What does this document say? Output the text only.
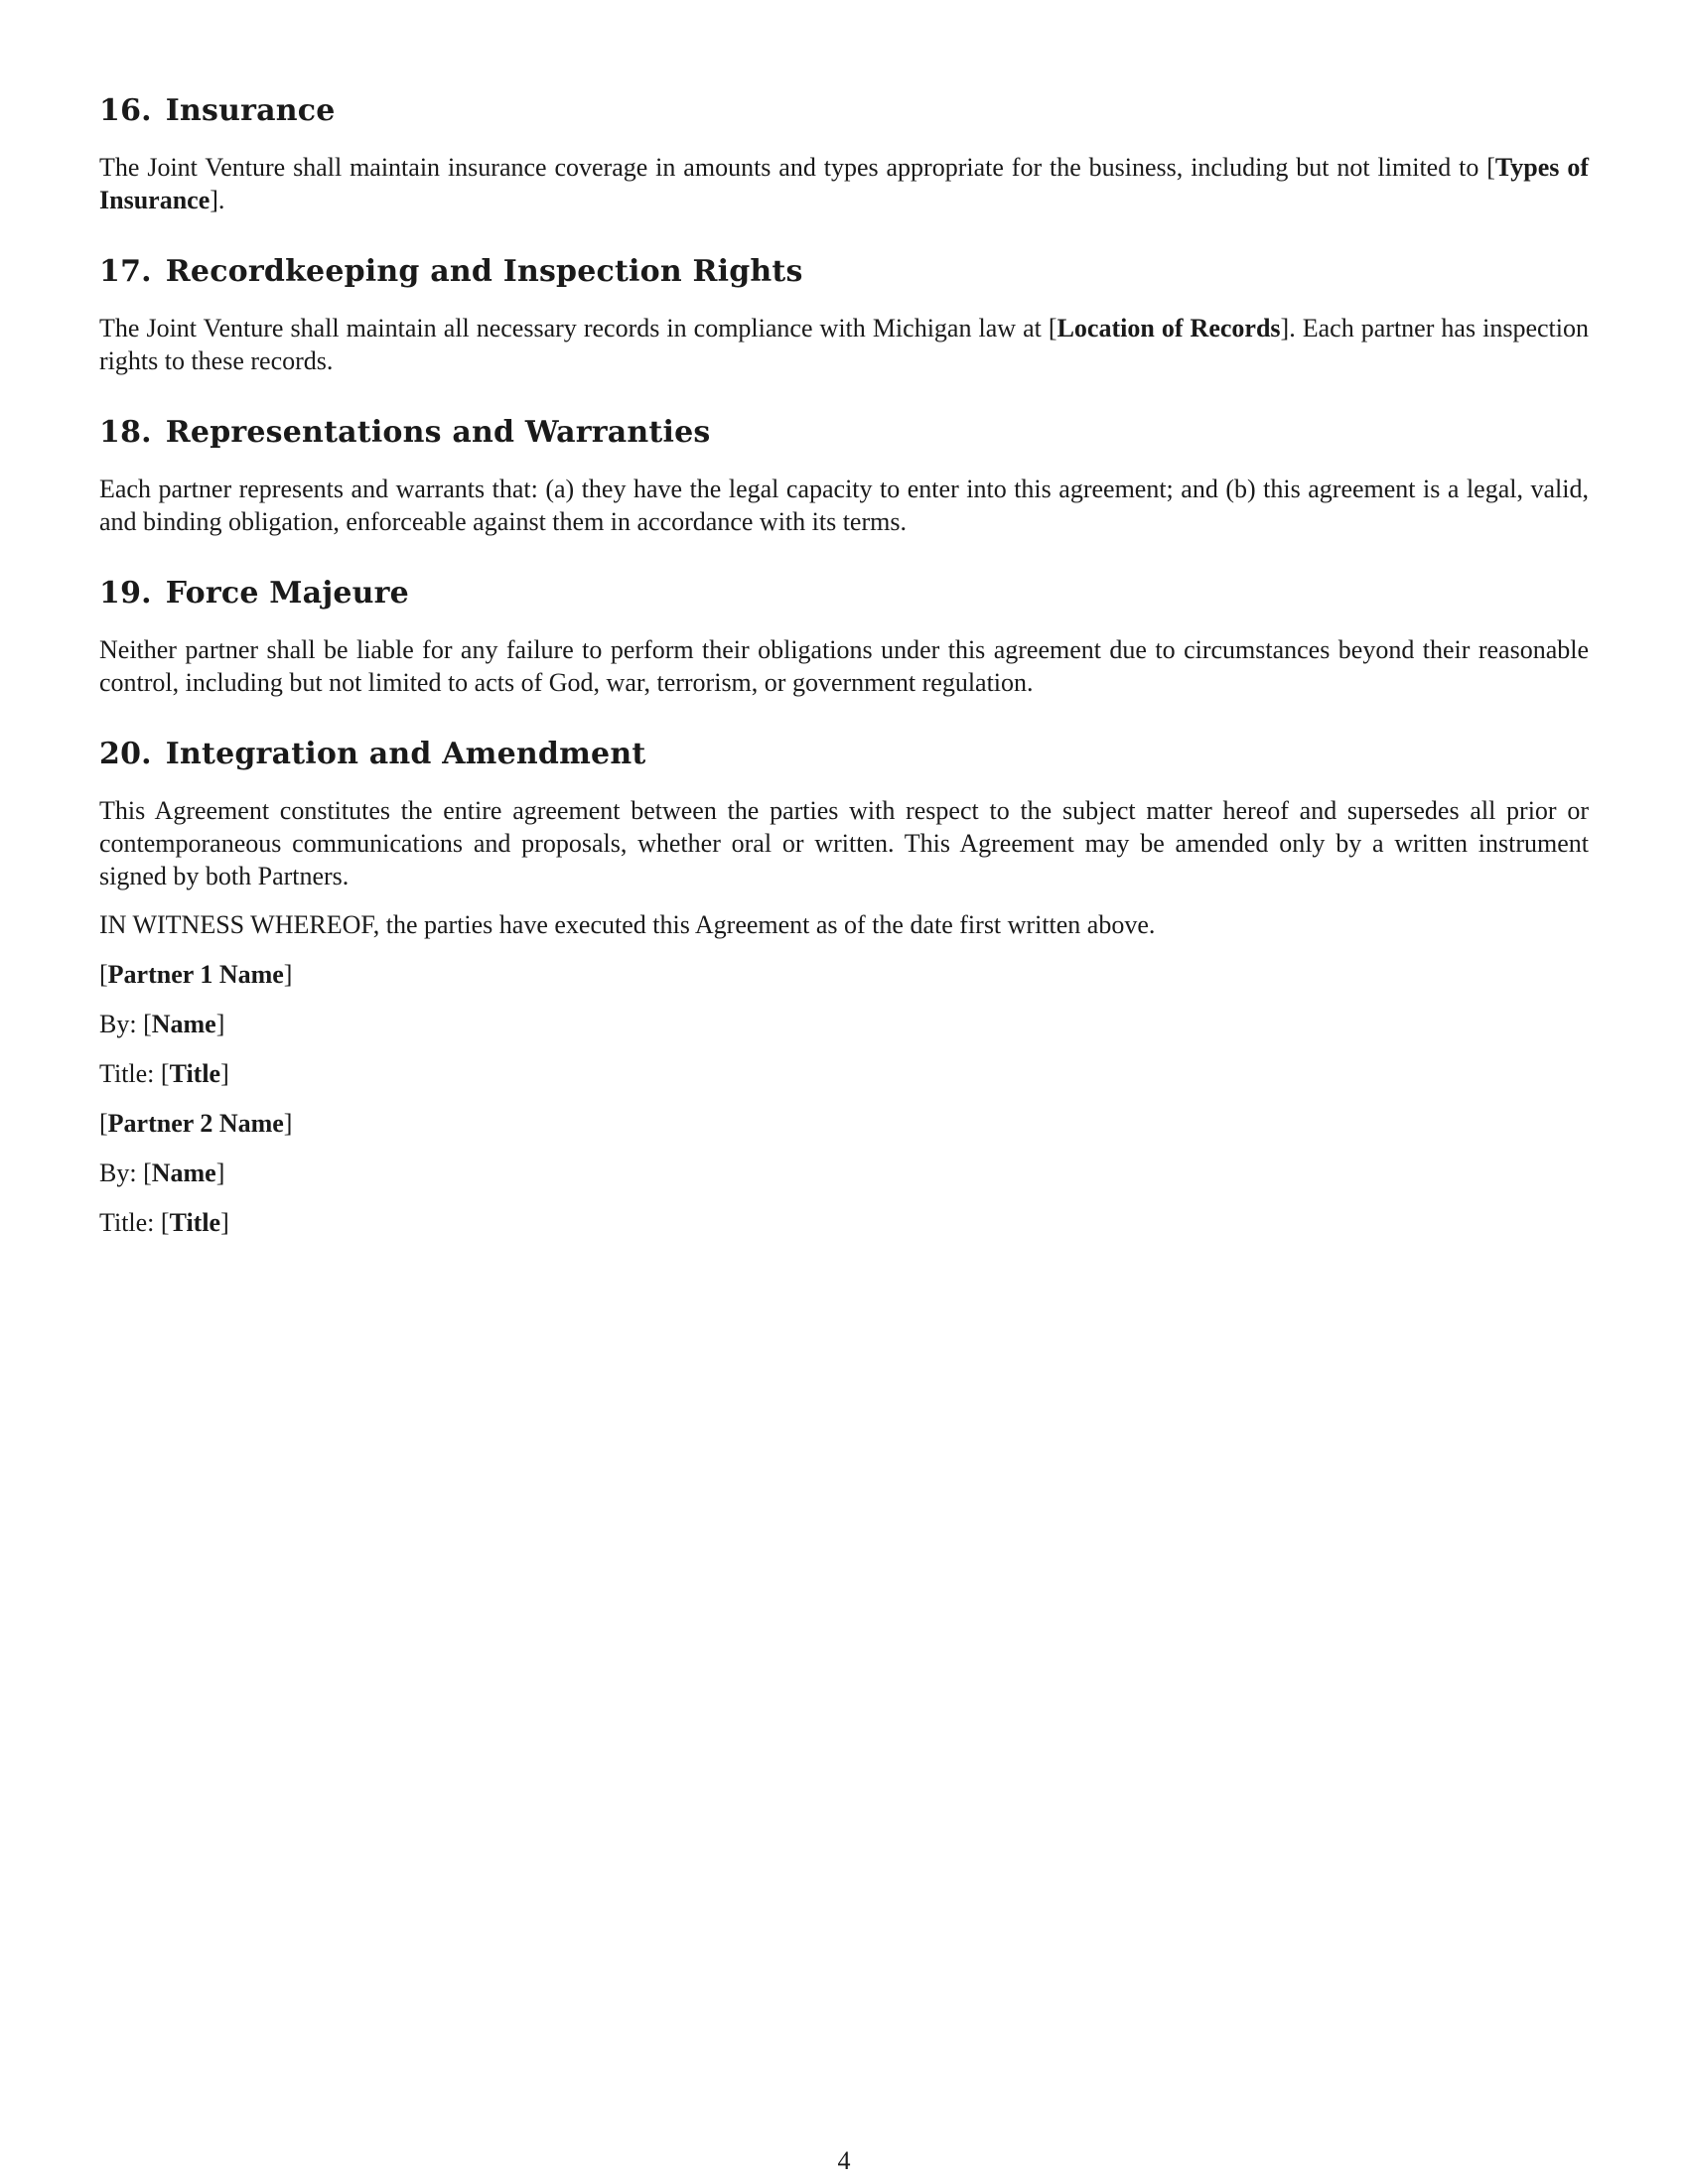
16. Insurance

The Joint Venture shall maintain insurance coverage in amounts and types appropriate for the business, including but not limited to [Types of Insurance].

17. Recordkeeping and Inspection Rights

The Joint Venture shall maintain all necessary records in compliance with Michigan law at [Location of Records]. Each partner has inspection rights to these records.

18. Representations and Warranties

Each partner represents and warrants that: (a) they have the legal capacity to enter into this agreement; and (b) this agreement is a legal, valid, and binding obligation, enforceable against them in accordance with its terms.

19. Force Majeure

Neither partner shall be liable for any failure to perform their obligations under this agreement due to circumstances beyond their reasonable control, including but not limited to acts of God, war, terrorism, or government regulation.

20. Integration and Amendment

This Agreement constitutes the entire agreement between the parties with respect to the subject matter hereof and supersedes all prior or contemporaneous communications and proposals, whether oral or written. This Agreement may be amended only by a written instrument signed by both Partners.

IN WITNESS WHEREOF, the parties have executed this Agreement as of the date first written above.

[Partner 1 Name]

By: [Name]

Title: [Title]

[Partner 2 Name]

By: [Name]

Title: [Title]

4
